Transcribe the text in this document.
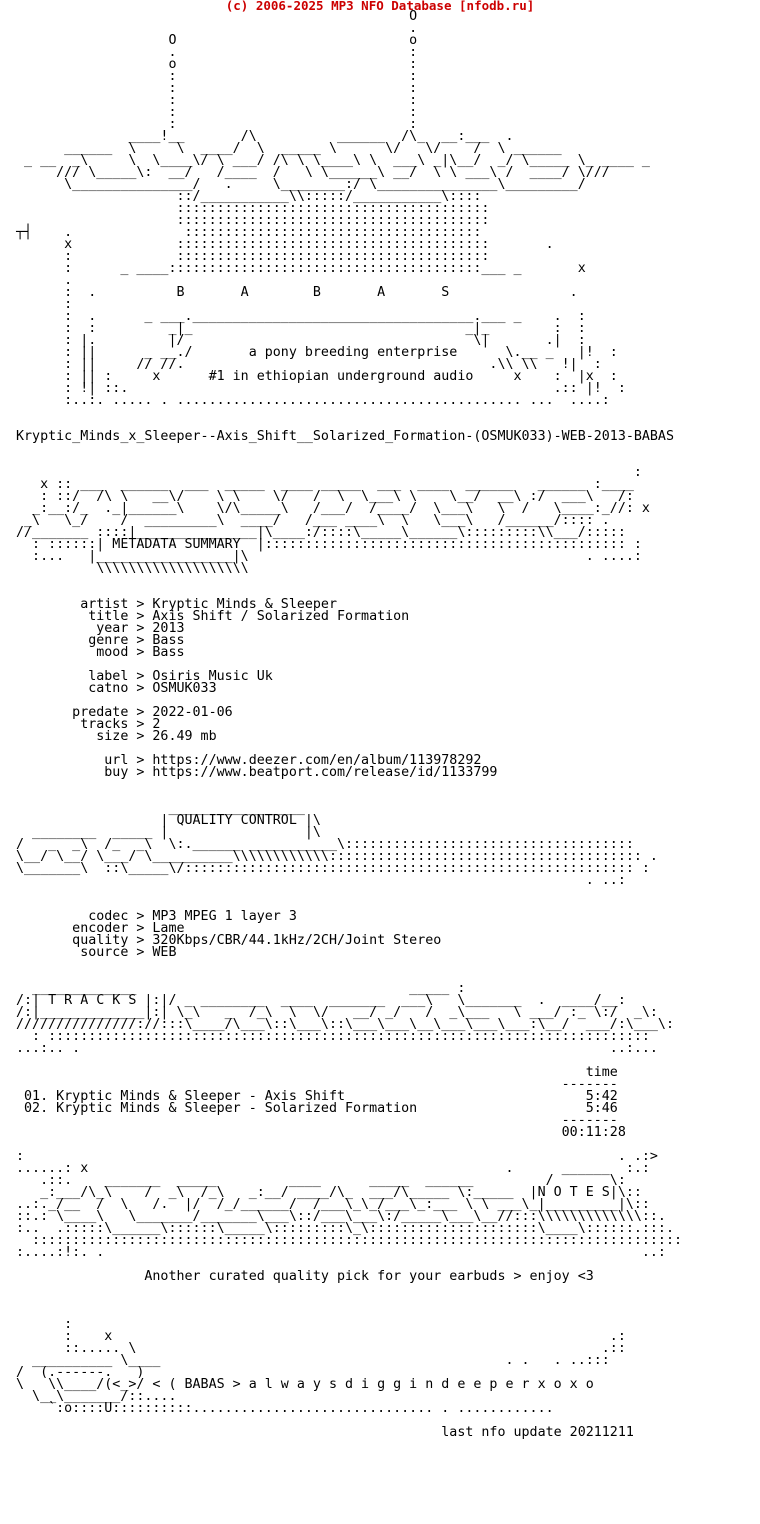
(c) 2006-2025 MP3 NFO Database [nfodb.ru]
O
.
O                             o
.                             :
o                             :
:                             :
:                             :
:                             :
:                             :
:                             :
____!__       /\          ______  /\_  __:___  .
______  \     \  ____/  \  _____ \      \/   \/    /  \ ______
_ __  _\     \  \____\/ \ ___/ /\ \ \____\ \  ___\ _|\__/  _/ \_____ \_ ____ _
/// \_____\:  __/   /____  /   \ \______\ __/  \ \ ___\ /  ____/ \///
\_______________/   .     \________:/ \_______________\_________/
::/___________\\:::::/___________\::::
:::::::::::::::::::::::::::::::::::::::
:::::::::::::::::::::::::::::::::::::::
┬┤    .              :::::::::::::::::::::::::::::::::::::
x             :::::::::::::::::::::::::::::::::::::::       .
:             :::::::::::::::::::::::::::::::::::::::
:      _ ____:::::::::::::::::::::::::::::::::::::::___ _       x
.
:  .          B       A        B       A       S               .
:
:  .      _ ___.___________________________________.___ _    .  :
:  :         _|_                                  _|_        :  :
: |.         |/                                    \|       .|  :
: ||      _ __./       a pony breeding enterprise      \.__ _   |!  :
: ||     // //.                                      .\\ \\   !|  :
: || :     x      #1 in ethiopian underground audio     x    :  |x  :
: !| ::.                                                     .:: |!  :
:..:. ..... . ........................................... ...  ....:

Kryptic_Minds_x_Sleeper--Axis_Shift__Solarized_Formation-(OSMUK033)-WEB-2013-BABAS

:
x :: ___  ______  ___  _____  ____ _____  ___  ____  ______   ______ :____
: ::/  /\ \   __\/    \ \    \/   /  \  \___\ \    \__/  __\ :/  ___\   /:
_:__:/_  ._|______\    \/\_____\   /___/  /____/  \___\   \  /   \____:_//: x
_\   \_/    /  _________\  ____/   /___ ____\  \   \___\   /______/:::: .
//_______ ::::|_______________|\____:/::::\_____\______\:::::::::\\___/:::::
: ::::::| METADATA SUMMARY  |::::::::::::::::::::::::::::::::::::::::::::: :
:...   |_________________|\                                          . ....:
\\\\\\\\\\\\\\\\\\\

artist > Kryptic Minds & Sleeper
title > Axis Shift / Solarized Formation
year > 2013
genre > Bass
mood > Bass

label > Osiris Music Uk
catno > OSMUK033

predate > 2022-01-06
tracks > 2
size > 26.49 mb

url > https://www.deezer.com/en/album/113978292
buy > https://www.beatport.com/release/id/1133799

_________________
| QUALITY CONTROL |\
________  _____ |                 |\
/   _  _\  /_  _\  \:.______ ___________\::::::::::::::::::::::::::::::::::::
\__/ \__/ \___/ \__________\\\\\\\\\\\\::::::::::::::::::::::::::::::::::::::: .
\_______\  ::\_____\/:::::::::::::::::::::::::::::::::::::::::::::::::::::::: :
. ..:

codec > MP3 MPEG 1 layer 3
encoder > Lame
quality > 320Kbps/CBR/44.1kHz/2CH/Joint Stereo
source > WEB

_____________                                  _____ :
/:| T R A C K S |:|/ _ ________  ____  _______  ___\   \_______  .  ____/__:
/:|_____________|:| \_\   _  /_\  \  \/   __/ _/   /  _\___   \ ___/ :_ \:/  _\:
///////////////://:::\____/\___\::\___\::\___\___\__\___\___\___:\__/  ___/:\___\:
: :::::::::::::::::::::::::::::::::::::::::::::::::::::::::::::::::::::::::::
...:.. .                                                                  ..:...

time
-------
01. Kryptic Minds & Sleeper - Axis Shift                              5:42
02. Kryptic Minds & Sleeper - Solarized Formation                     5:46
-------
00:11:28

:                                                                          . .:>
......: x                                                    .      ______  :.:
.::.    _______  _____         ____      _____  ______         /       \:
_:___/\_\    /  _\  /_\   _:__/ ____/\_  ___/\_____ \:_____  |N O T E S|\::
..:._/__  /  \   /.  |/  /_/______/  /___\_\_/___\_:___ \ \ ___\_|_________|\::
::.: \____\   \_______/_______\___\::/___\___\:/_____\___\__//:::\\\\\\\\\\\\\::.
:..  .:::::\______\::::::\_____\:::::::::\_\:::::::::::::::::::::\____\::::::.:::.
:::::::::::::::::::::::::::::::::::::::::::::::::::::::::::::::::::::::::::::::::
:....:!:. .                                                                   ..:

Another curated quality pick for your earbuds > enjoy <3

:
:    x                                                              .:
::..... \                                                          .::
__________ \____                                           . .   . ..:::
/  (.------.   )
\   \\____/(<_>/ < ( BABAS > a l w a y s d i g g i n d e e p e r x o x o
\__\_______/::....
`:o::::U::::::::::.............................. . ............

last nfo update 20211211
